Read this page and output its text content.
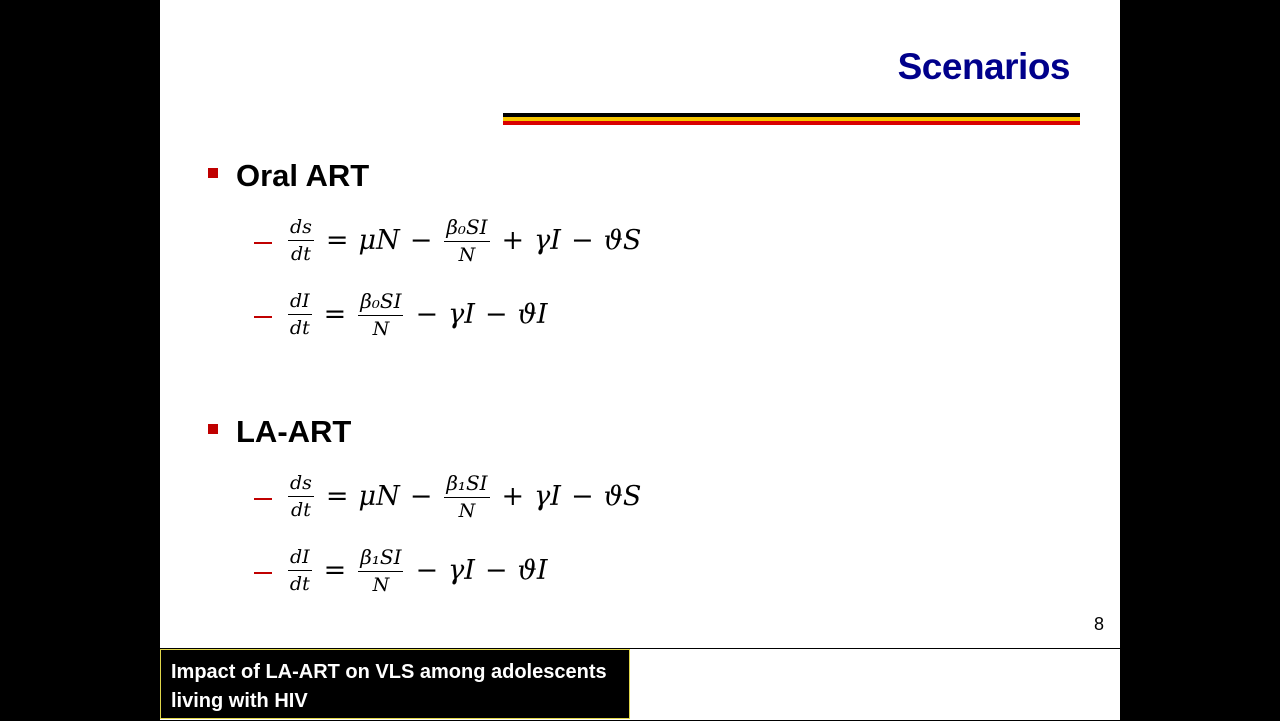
Scenarios
Oral ART
$\frac{ds}{dt} = \mu N - \frac{\text{β₀SI}}{N} + \gamma I - ϑS$
$\frac{dI}{dt} = \frac{\text{β₀SI}}{N} - \gamma I - ϑI$
LA-ART
$\frac{ds}{dt} = \mu N - \frac{\text{β₁SI}}{N} + \gamma I - ϑS$
$\frac{dI}{dt} = \frac{\text{β₁SI}}{N} - \gamma I - ϑI$
8
Impact of LA-ART on VLS among adolescents living with HIV
